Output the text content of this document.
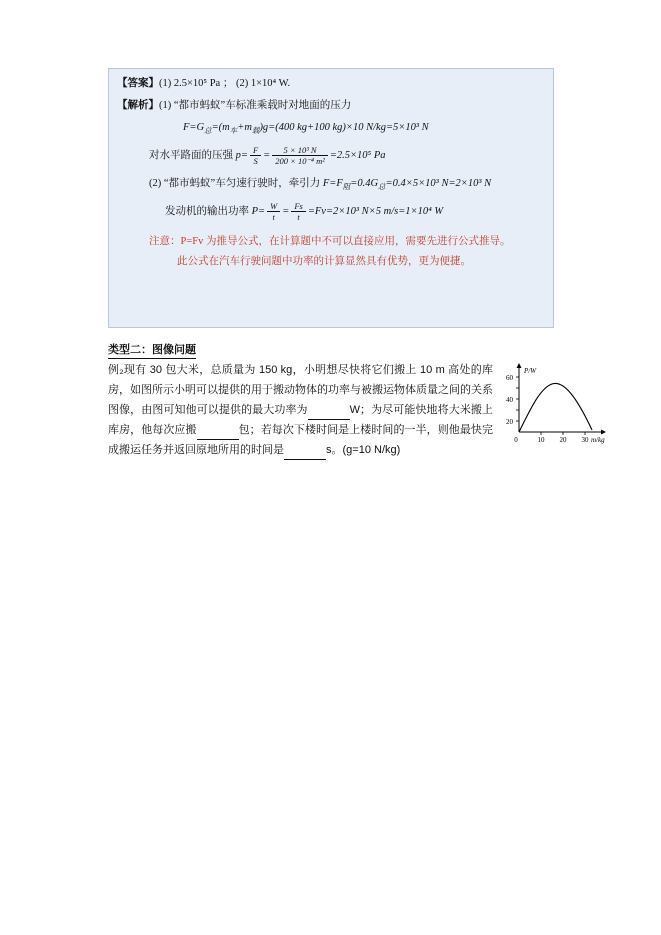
【答案】(1) 2.5×10⁵ Pa ； (2) 1×10⁴ W.
【解析】(1) “都市蚂蚁”车标准乘载时对地面的压力
$F=G_总=(m_车+m_载)g=(400$ kg+100 kg)×10 N/kg=5×10³ N
对水平路面的压强 $p= \frac{F}{S} = \frac{\text{5 × 10³ N}}{\text{200 × 10⁻⁴ m²}} =2.5\times 10^5$ Pa
(2) “都市蚂蚁”车匀速行驶时，牵引力 $F=F_阻=0.4G_总=0.4\times 5\times 10^3$ N=2×10³ N
发动机的输出功率 $P= \frac{W}{t} = \frac{Fs}{t} =Fv=2\times 10^3$ N×5 m/s=1×10⁴ W
注意：P=Fv 为推导公式，在计算题中不可以直接应用，需要先进行公式推导。
此公式在汽车行驶问题中功率的计算显然具有优势，更为便捷。
类型二：图像问题

例₂现有 30 包大米，总质量为 150 kg，小明想尽快将它们搬上 10 m 高处的库房，如图所示小明可以提供的用于搬动物体的功率与被搬运物体质量之间的关系图像，由图可知他可以提供的最大功率为	W；为尽可能快地将大米搬上库房，他每次应搬	包；若每次下楼时间是上楼时间的一半，则他最快完成搬运任务并返回原地所用的时间是	s。(g=10 N/kg)

60
40
20
0	10 20 30
P/W
m/kg
